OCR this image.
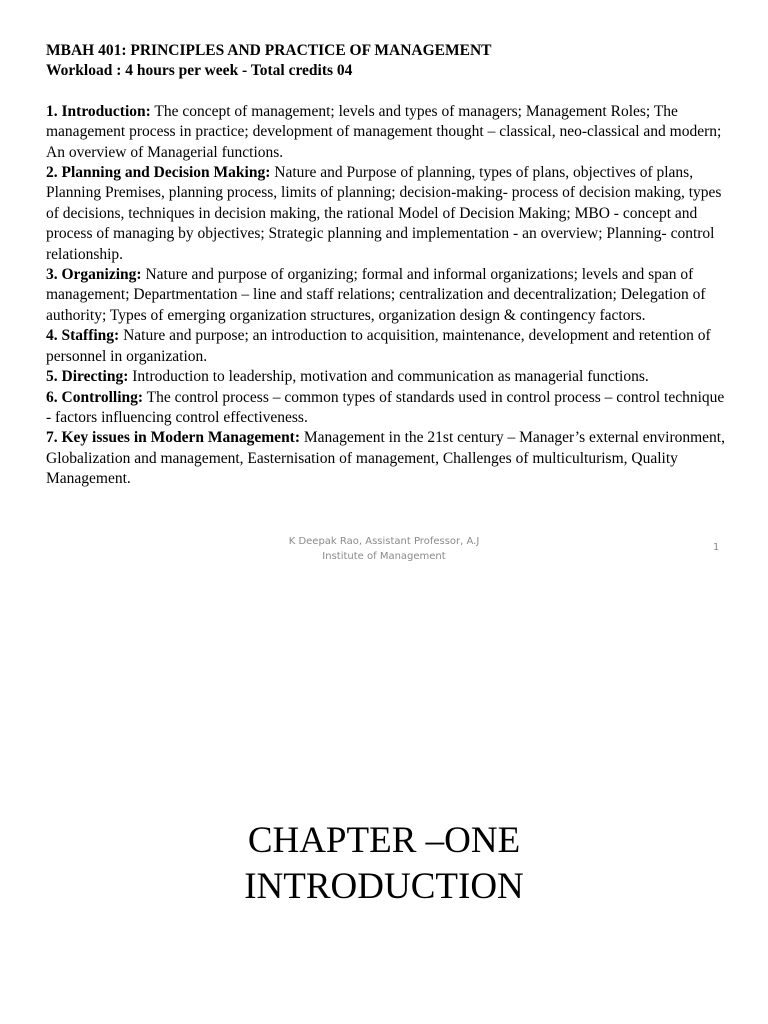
MBAH 401: PRINCIPLES AND PRACTICE OF MANAGEMENT

Workload : 4 hours per week - Total credits 04

1. Introduction: The concept of management; levels and types of managers; Management Roles; The management process in practice; development of management thought – classical, neo-classical and modern; An overview of Managerial functions.

2. Planning and Decision Making: Nature and Purpose of planning, types of plans, objectives of plans, Planning Premises, planning process, limits of planning; decision-making- process of decision making, types of decisions, techniques in decision making, the rational Model of Decision Making; MBO - concept and process of managing by objectives; Strategic planning and implementation - an overview; Planning- control relationship.

3. Organizing: Nature and purpose of organizing; formal and informal organizations; levels and span of management; Departmentation – line and staff relations; centralization and decentralization; Delegation of authority; Types of emerging organization structures, organization design & contingency factors.

4. Staffing: Nature and purpose; an introduction to acquisition, maintenance, development and retention of personnel in organization.

5. Directing: Introduction to leadership, motivation and communication as managerial functions.

6. Controlling: The control process – common types of standards used in control process – control technique - factors influencing control effectiveness.

7. Key issues in Modern Management: Management in the 21st century – Manager’s external environment, Globalization and management, Easternisation of management, Challenges of multiculturism, Quality Management.

K Deepak Rao, Assistant Professor, A.J
Institute of Management
1
CHAPTER –ONE
INTRODUCTION
